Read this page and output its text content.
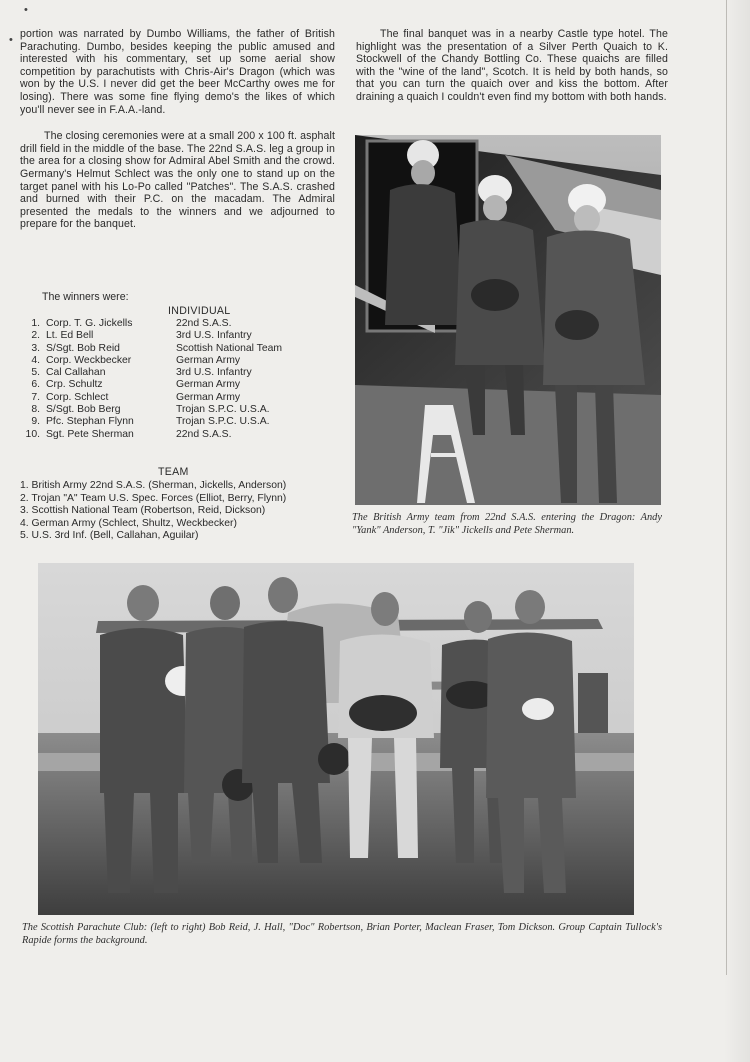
•
• portion was narrated by Dumbo Williams, the father of British Parachuting. Dumbo, besides keeping the public amused and interested with his commentary, set up some aerial show competition by parachutists with Chris-Air's Dragon (which was won by the U.S. I never did get the beer McCarthy owes me for losing). There was some fine flying demo's the likes of which you'll never see in F.A.A.-land.

The closing ceremonies were at a small 200 x 100 ft. asphalt drill field in the middle of the base. The 22nd S.A.S. leg a group in the area for a closing show for Admiral Abel Smith and the crowd. Germany's Helmut Schlect was the only one to stand up on the target panel with his Lo-Po called "Patches". The S.A.S. crashed and burned with their P.C. on the macadam. The Admiral presented the medals to the winners and we adjourned to prepare for the banquet.

The winners were:
INDIVIDUAL
1. Corp. T. G. Jickells	22nd S.A.S.
2. Lt. Ed Bell	3rd U.S. Infantry
3. S/Sgt. Bob Reid	Scottish National Team
4. Corp. Weckbecker	German Army
5. Cal Callahan	3rd U.S. Infantry
6. Crp. Schultz	German Army
7. Corp. Schlect	German Army
8. S/Sgt. Bob Berg	Trojan S.P.C. U.S.A.
9. Pfc. Stephan Flynn	Trojan S.P.C. U.S.A.
10. Sgt. Pete Sherman	22nd S.A.S.
TEAM
1. British Army 22nd S.A.S. (Sherman, Jickells, Anderson)
2. Trojan "A" Team U.S. Spec. Forces (Elliot, Berry, Flynn)
3. Scottish National Team (Robertson, Reid, Dickson)
4. German Army (Schlect, Shultz, Weckbecker)
5. U.S. 3rd Inf. (Bell, Callahan, Aguilar)

The final banquet was in a nearby Castle type hotel. The highlight was the presentation of a Silver Perth Quaich to K. Stockwell of the Chandy Bottling Co. These quaichs are filled with the "wine of the land", Scotch. It is held by both hands, so that you can turn the quaich over and kiss the bottom. After draining a quaich I couldn't even find my bottom with both hands.

The British Army team from 22nd S.A.S. entering the Dragon: Andy "Yank" Anderson, T. "Jik" Jickells and Pete Sherman.
The Scottish Parachute Club: (left to right) Bob Reid, J. Hall, "Doc" Robertson, Brian Porter, Maclean Fraser, Tom Dickson. Group Captain Tullock's Rapide forms the background.
